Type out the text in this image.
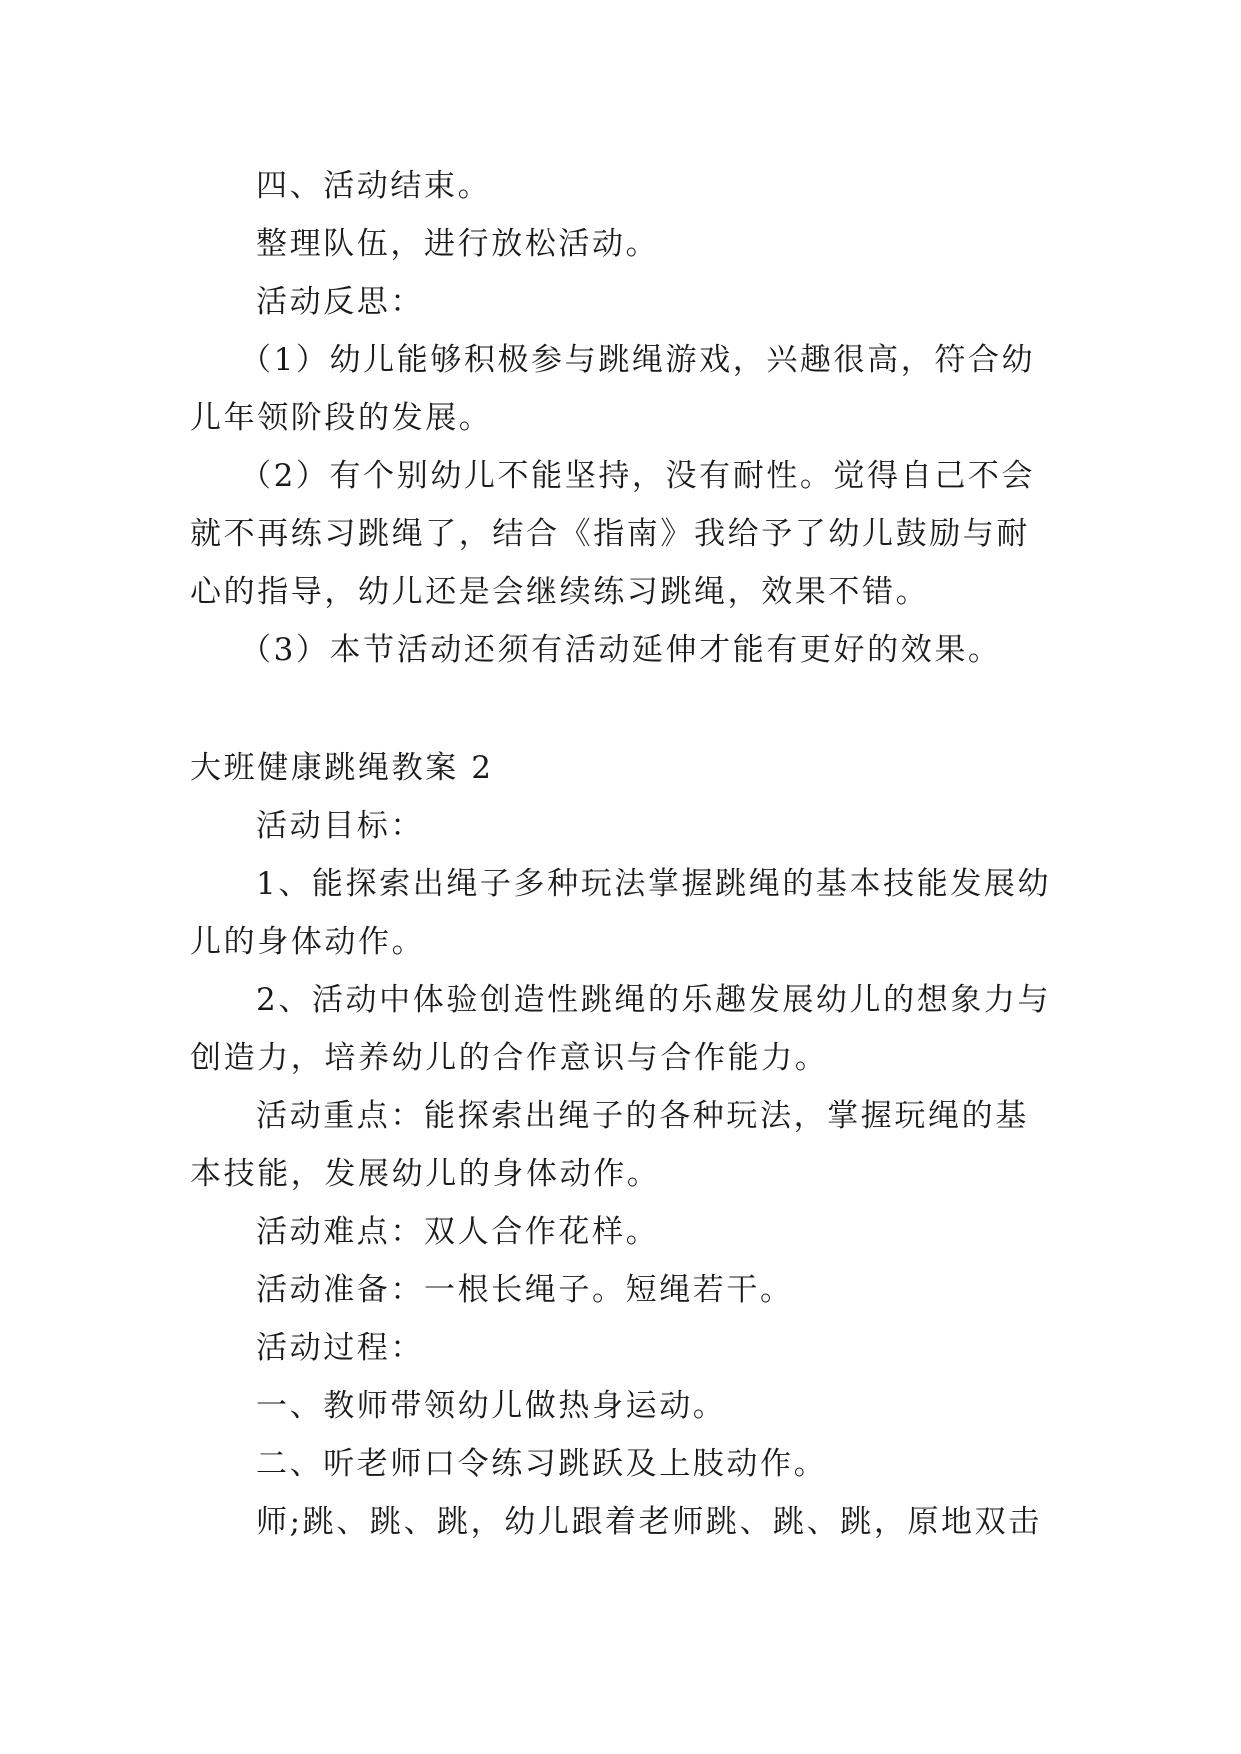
四、活动结束。

整理队伍，进行放松活动。

活动反思：

（1）幼儿能够积极参与跳绳游戏，兴趣很高，符合幼儿年领阶段的发展。

（2）有个别幼儿不能坚持，没有耐性。觉得自己不会就不再练习跳绳了，结合《指南》我给予了幼儿鼓励与耐心的指导，幼儿还是会继续练习跳绳，效果不错。

（3）本节活动还须有活动延伸才能有更好的效果。

大班健康跳绳教案 2

活动目标：

1、能探索出绳子多种玩法掌握跳绳的基本技能发展幼儿的身体动作。

2、活动中体验创造性跳绳的乐趣发展幼儿的想象力与创造力，培养幼儿的合作意识与合作能力。

活动重点：能探索出绳子的各种玩法，掌握玩绳的基本技能，发展幼儿的身体动作。

活动难点：双人合作花样。

活动准备：一根长绳子。短绳若干。

活动过程：

一、教师带领幼儿做热身运动。

二、听老师口令练习跳跃及上肢动作。

师;跳、跳、跳，幼儿跟着老师跳、跳、跳，原地双击
